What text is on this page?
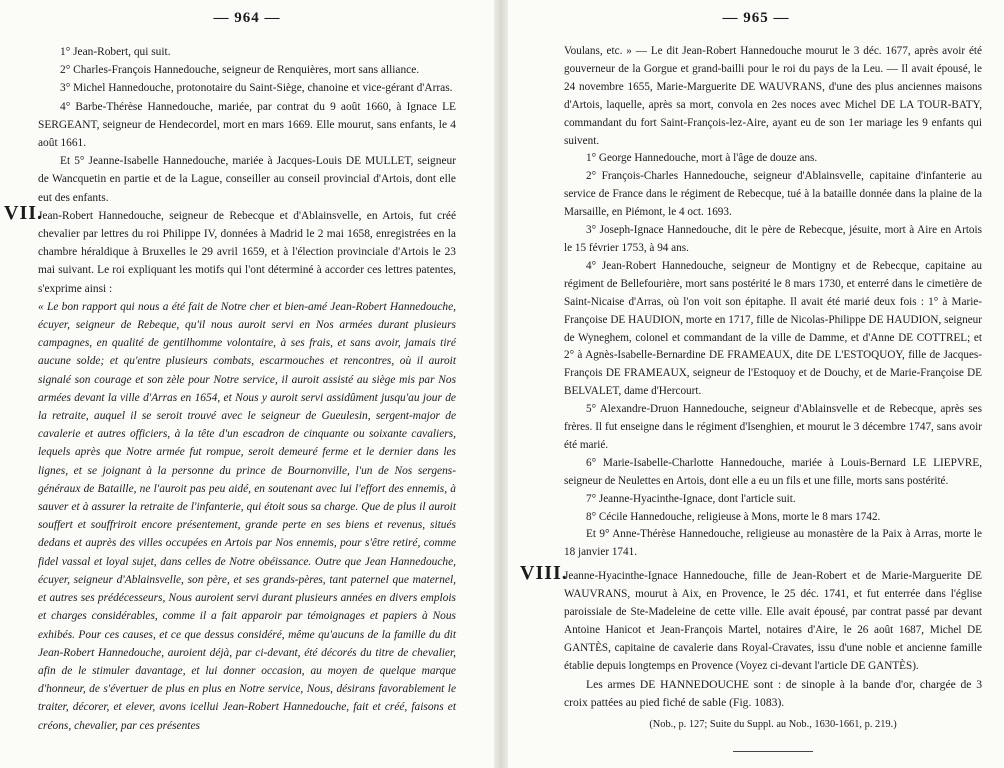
— 964 —

1° Jean-Robert, qui suit.

2° Charles-François Hannedouche, seigneur de Renquières, mort sans alliance.

3° Michel Hannedouche, protonotaire du Saint-Siège, chanoine et vice-gérant d'Arras.

4° Barbe-Thérèse Hannedouche, mariée, par contrat du 9 août 1660, à Ignace LE SERGEANT, seigneur de Hendecordel, mort en mars 1669. Elle mourut, sans enfants, le 4 août 1661.

Et 5° Jeanne-Isabelle Hannedouche, mariée à Jacques-Louis DE MULLET, seigneur de Wancquetin en partie et de la Lague, conseiller au conseil provincial d'Artois, dont elle eut des enfants.

VII.

Jean-Robert Hannedouche, seigneur de Rebecque et d'Ablainsvelle, en Artois, fut créé chevalier par lettres du roi Philippe IV, données à Madrid le 2 mai 1658, enregistrées en la chambre héraldique à Bruxelles le 29 avril 1659, et à l'élection provinciale d'Artois le 23 mai suivant. Le roi expliquant les motifs qui l'ont déterminé à accorder ces lettres patentes, s'exprime ainsi :

« Le bon rapport qui nous a été fait de Notre cher et bien-amé Jean-Robert Hannedouche, écuyer, seigneur de Rebeque, qu'il nous auroit servi en Nos armées durant plusieurs campagnes, en qualité de gentilhomme volontaire, à ses frais, et sans avoir, jamais tiré aucune solde; et qu'entre plusieurs combats, escarmouches et rencontres, où il auroit signalé son courage et son zèle pour Notre service, il auroit assisté au siège mis par Nos armées devant la ville d'Arras en 1654, et Nous y auroit servi assidûment jusqu'au jour de la retraite, auquel il se seroit trouvé avec le seigneur de Gueulesin, sergent-major de cavalerie et autres officiers, à la tête d'un escadron de cinquante ou soixante cavaliers, lequels après que Notre armée fut rompue, seroit demeuré ferme et le dernier dans les lignes, et se joignant à la personne du prince de Bournonville, l'un de Nos sergens-généraux de Bataille, ne l'auroit pas peu aidé, en soutenant avec lui l'effort des ennemis, à sauver et à assurer la retraite de l'infanterie, qui étoit sous sa charge. Que de plus il auroit souffert et souffriroit encore présentement, grande perte en ses biens et revenus, situés dedans et auprès des villes occupées en Artois par Nos ennemis, pour s'être retiré, comme fidel vassal et loyal sujet, dans celles de Notre obéissance. Outre que Jean Hannedouche, écuyer, seigneur d'Ablainsvelle, son père, et ses grands-pères, tant paternel que maternel, et autres ses prédécesseurs, Nous auroient servi durant plusieurs années en divers emplois et charges considérables, comme il a fait apparoir par témoignages et papiers à Nous exhibés. Pour ces causes, et ce que dessus considéré, même qu'aucuns de la famille du dit Jean-Robert Hannedouche, auroient déjà, par ci-devant, été décorés du titre de chevalier, afin de le stimuler davantage, et lui donner occasion, au moyen de quelque marque d'honneur, de s'évertuer de plus en plus en Notre service, Nous, désirans favorablement le traiter, décorer, et elever, avons icellui Jean-Robert Hannedouche, fait et créé, faisons et créons, chevalier, par ces présentes

— 965 —

Voulans, etc. » — Le dit Jean-Robert Hannedouche mourut le 3 déc. 1677, après avoir été gouverneur de la Gorgue et grand-bailli pour le roi du pays de la Leu. — Il avait épousé, le 24 novembre 1655, Marie-Marguerite DE WAUVRANS, d'une des plus anciennes maisons d'Artois, laquelle, après sa mort, convola en 2es noces avec Michel DE LA TOUR-BATY, commandant du fort Saint-François-lez-Aire, ayant eu de son 1er mariage les 9 enfants qui suivent.

1° George Hannedouche, mort à l'âge de douze ans.

2° François-Charles Hannedouche, seigneur d'Ablainsvelle, capitaine d'infanterie au service de France dans le régiment de Rebecque, tué à la bataille donnée dans la plaine de la Marsaille, en Piémont, le 4 oct. 1693.

3° Joseph-Ignace Hannedouche, dit le père de Rebecque, jésuite, mort à Aire en Artois le 15 février 1753, à 94 ans.

4° Jean-Robert Hannedouche, seigneur de Montigny et de Rebecque, capitaine au régiment de Bellefourière, mort sans postérité le 8 mars 1730, et enterré dans le cimetière de Saint-Nicaise d'Arras, où l'on voit son épitaphe. Il avait été marié deux fois : 1° à Marie-Françoise DE HAUDION, morte en 1717, fille de Nicolas-Philippe DE HAUDION, seigneur de Wyneghem, colonel et commandant de la ville de Damme, et d'Anne DE COTTREL; et 2° à Agnès-Isabelle-Bernardine DE FRAMEAUX, dite DE L'ESTOQUOY, fille de Jacques-François DE FRAMEAUX, seigneur de l'Estoquoy et de Douchy, et de Marie-Françoise DE BELVALET, dame d'Hercourt.

5° Alexandre-Druon Hannedouche, seigneur d'Ablainsvelle et de Rebecque, après ses frères. Il fut enseigne dans le régiment d'Isenghien, et mourut le 3 décembre 1747, sans avoir été marié.

6° Marie-Isabelle-Charlotte Hannedouche, mariée à Louis-Bernard LE LIEPVRE, seigneur de Neulettes en Artois, dont elle a eu un fils et une fille, morts sans postérité.

7° Jeanne-Hyacinthe-Ignace, dont l'article suit.

8° Cécile Hannedouche, religieuse à Mons, morte le 8 mars 1742.

Et 9° Anne-Thérèse Hannedouche, religieuse au monastère de la Paix à Arras, morte le 18 janvier 1741.

VIII.

Jeanne-Hyacinthe-Ignace Hannedouche, fille de Jean-Robert et de Marie-Marguerite DE WAUVRANS, mourut à Aix, en Provence, le 25 déc. 1741, et fut enterrée dans l'église paroissiale de Ste-Madeleine de cette ville. Elle avait épousé, par contrat passé par devant Antoine Hanicot et Jean-François Martel, notaires d'Aire, le 26 août 1687, Michel DE GANTÈS, capitaine de cavalerie dans Royal-Cravates, issu d'une noble et ancienne famille établie depuis longtemps en Provence (Voyez ci-devant l'article DE GANTÈS).

Les armes DE HANNEDOUCHE sont : de sinople à la bande d'or, chargée de 3 croix pattées au pied fiché de sable (Fig. 1083).

(Nob., p. 127; Suite du Suppl. au Nob., 1630-1661, p. 219.)
